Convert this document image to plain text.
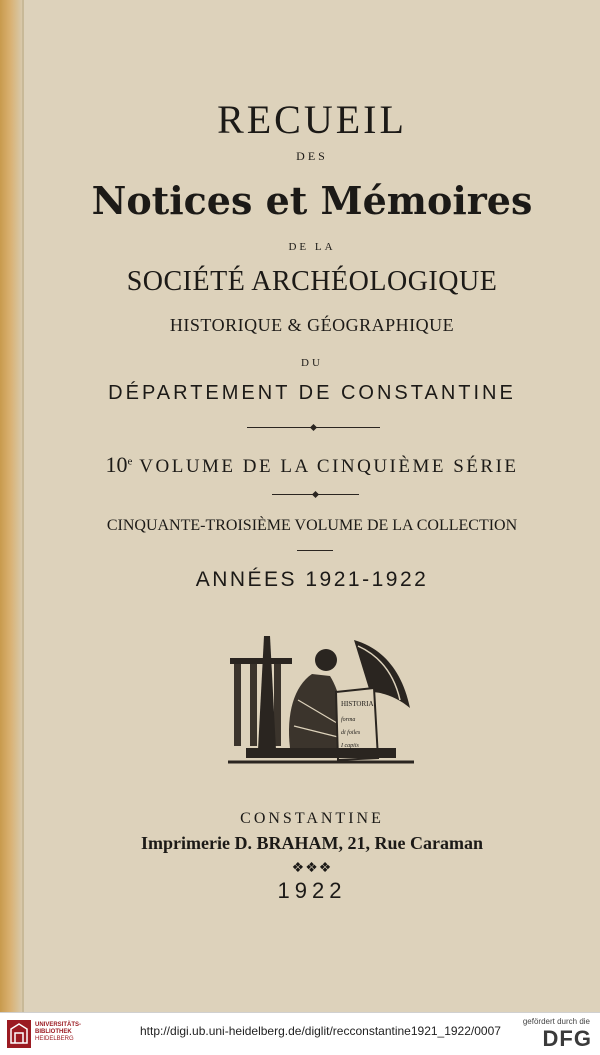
RECUEIL
DES
Notices et Mémoires
DE LA
SOCIÉTÉ ARCHÉOLOGIQUE
HISTORIQUE & GÉOGRAPHIQUE
DU
DÉPARTEMENT DE CONSTANTINE
10e VOLUME DE LA CINQUIÈME SÉRIE
CINQUANTE-TROISIÈME VOLUME DE LA COLLECTION
ANNÉES 1921-1922
HISTORIA
forma
di foiles
I capiis
CONSTANTINE
Imprimerie D. BRAHAM, 21, Rue Caraman
❖❖❖
1922
UNIVERSITÄTS-
BIBLIOTHEK
HEIDELBERG
http://digi.ub.uni-heidelberg.de/diglit/recconstantine1921_1922/0007
gefördert durch die
DFG
